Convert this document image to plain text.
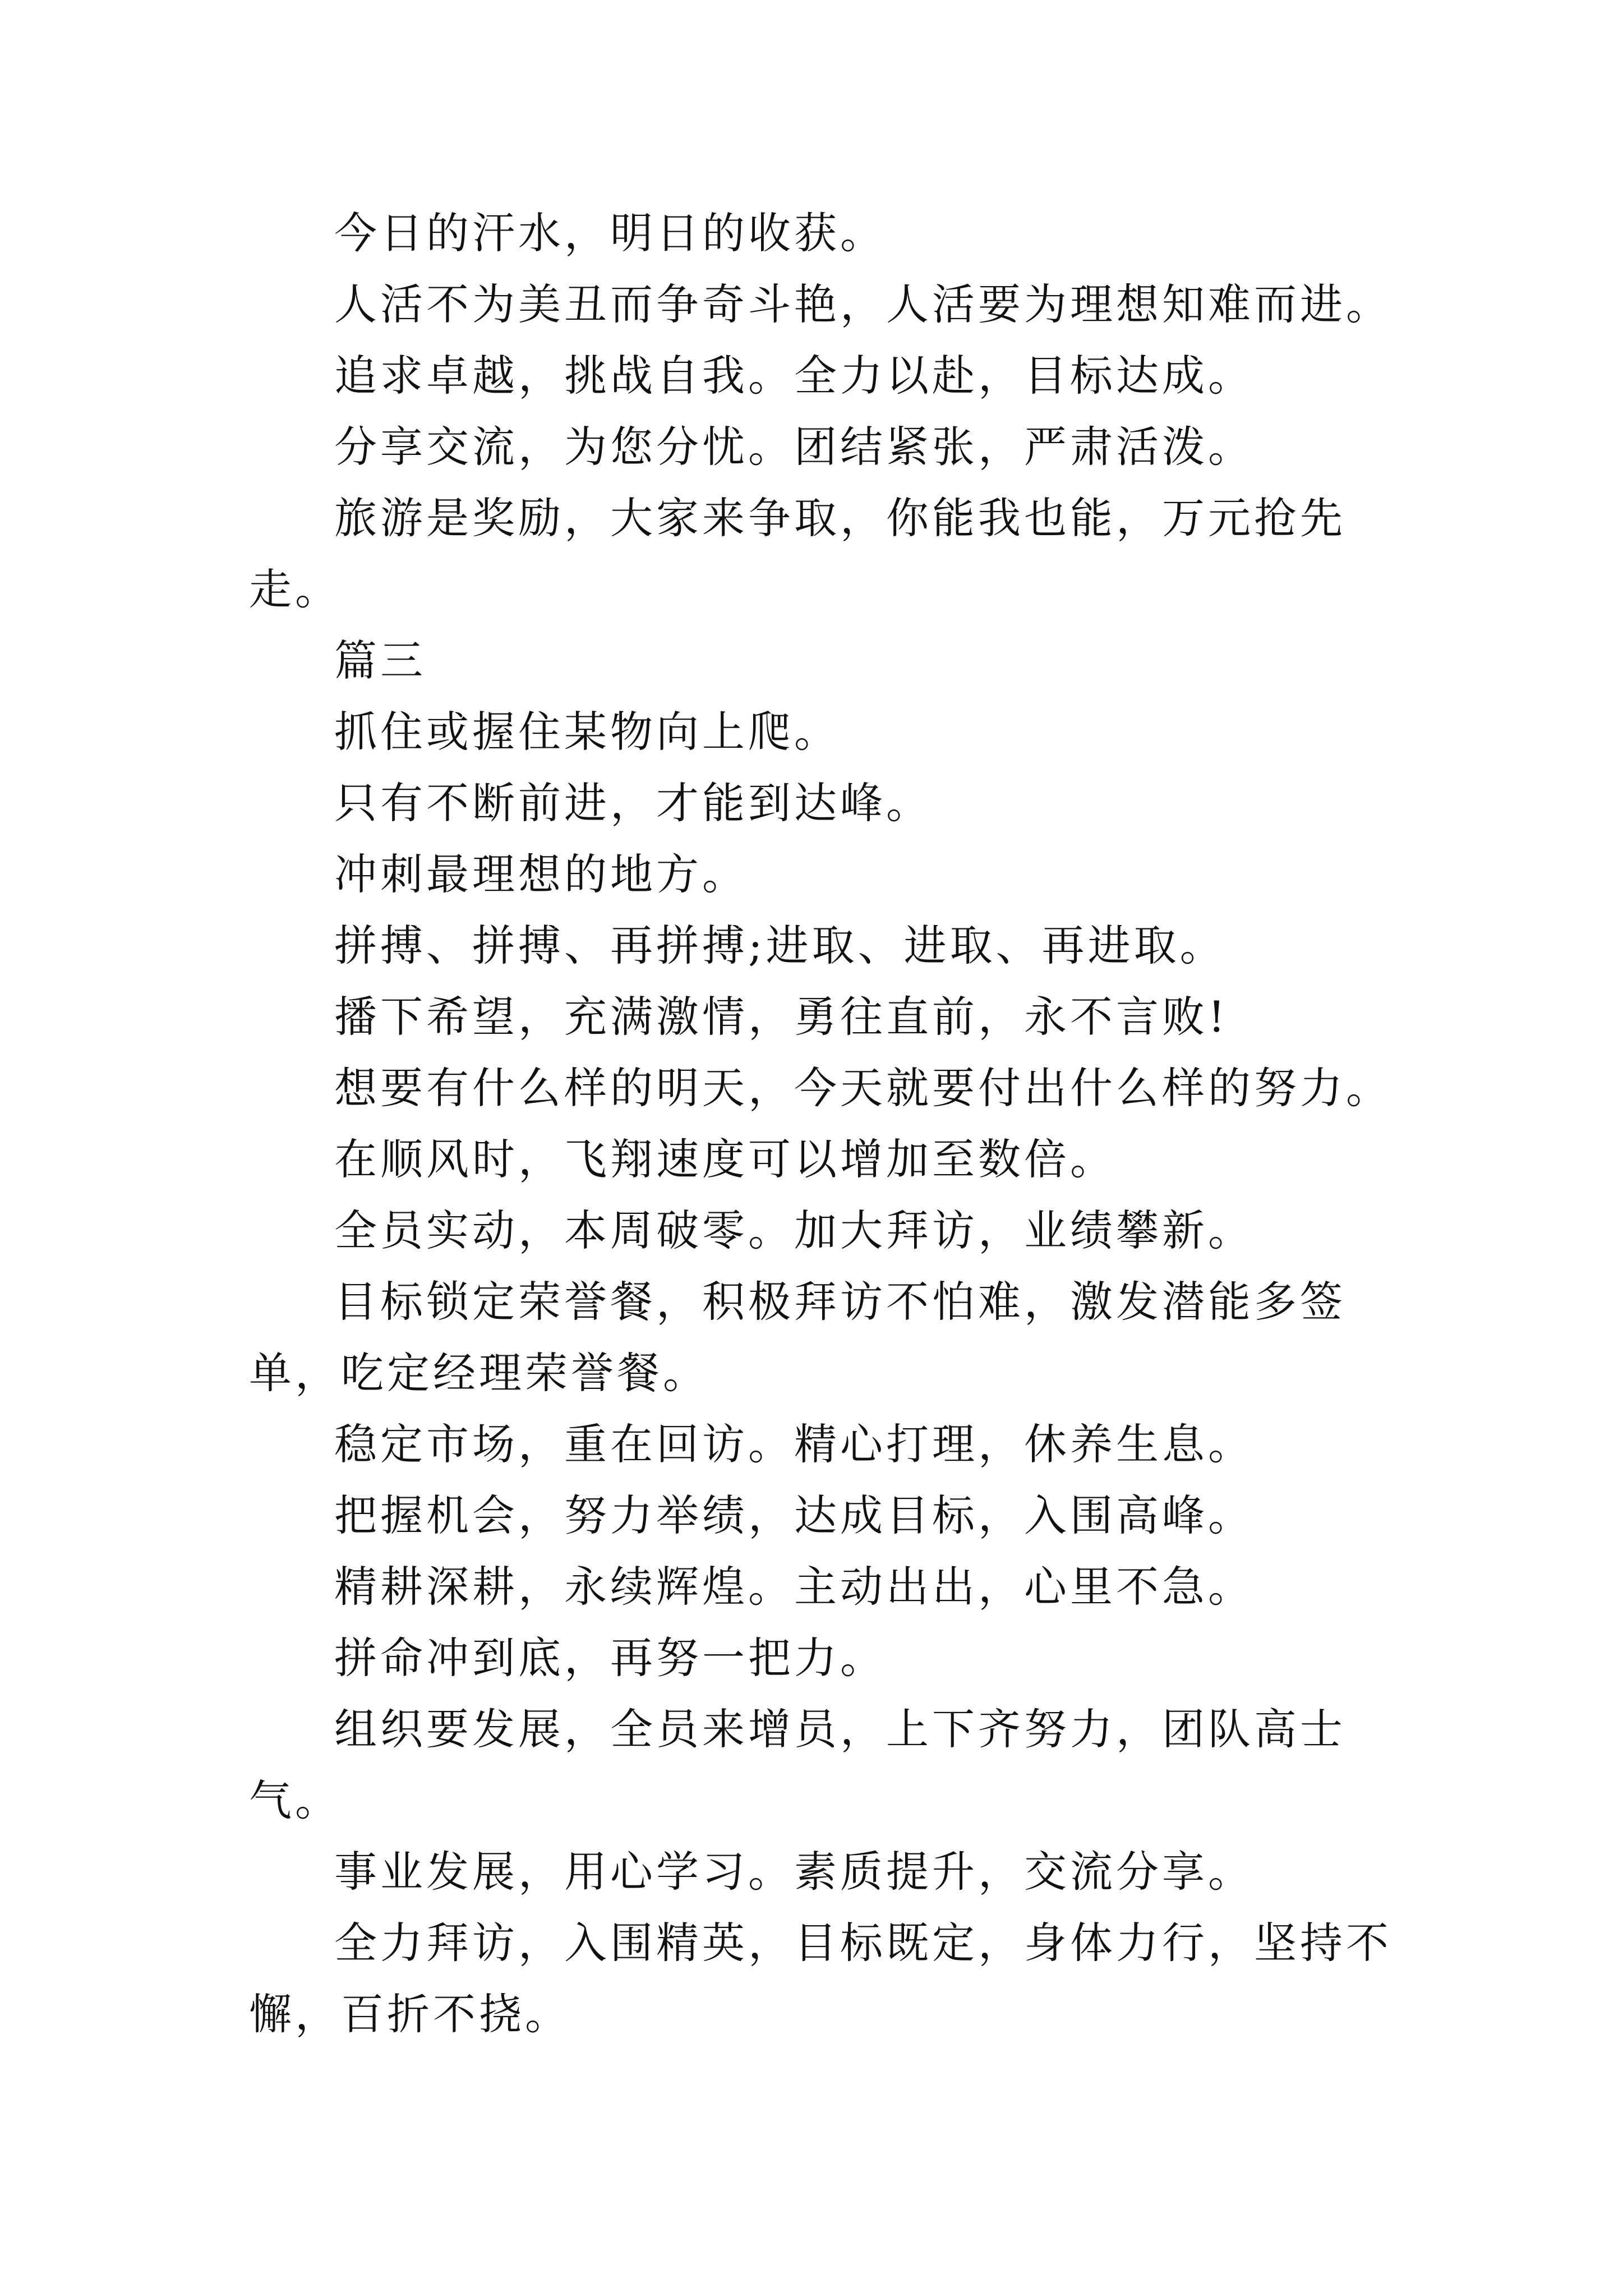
今日的汗水，明日的收获。

人活不为美丑而争奇斗艳，人活要为理想知难而进。

追求卓越，挑战自我。全力以赴，目标达成。

分享交流，为您分忧。团结紧张，严肃活泼。

旅游是奖励，大家来争取，你能我也能，万元抢先走。

篇三

抓住或握住某物向上爬。

只有不断前进，才能到达峰。

冲刺最理想的地方。

拼搏、拼搏、再拼搏;进取、进取、再进取。

播下希望，充满激情，勇往直前，永不言败!

想要有什么样的明天，今天就要付出什么样的努力。

在顺风时，飞翔速度可以增加至数倍。

全员实动，本周破零。加大拜访，业绩攀新。

目标锁定荣誉餐，积极拜访不怕难，激发潜能多签单，吃定经理荣誉餐。

稳定市场，重在回访。精心打理，休养生息。

把握机会，努力举绩，达成目标，入围高峰。

精耕深耕，永续辉煌。主动出出，心里不急。

拼命冲到底，再努一把力。

组织要发展，全员来增员，上下齐努力，团队高士气。

事业发展，用心学习。素质提升，交流分享。

全力拜访，入围精英，目标既定，身体力行，坚持不懈，百折不挠。
